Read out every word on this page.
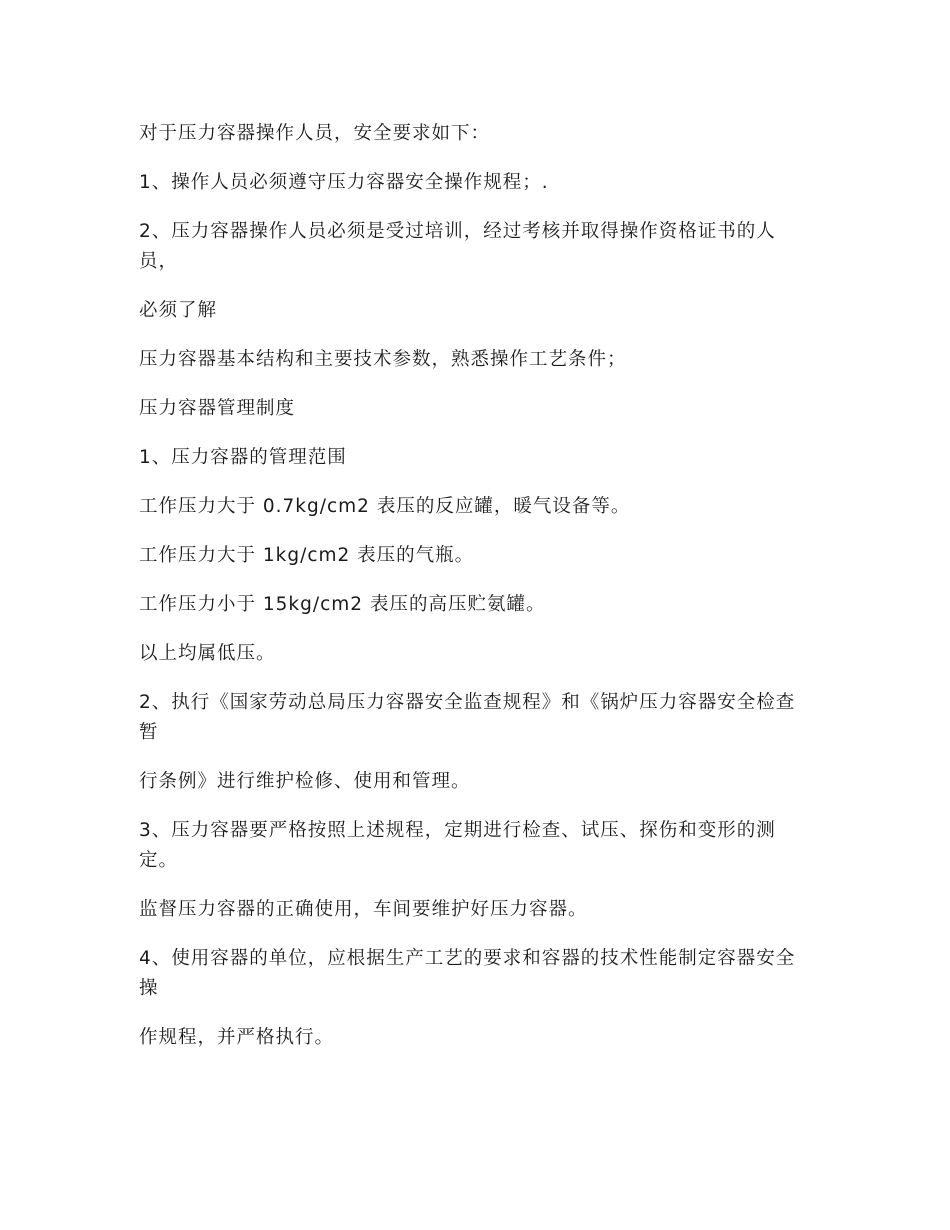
对于压力容器操作人员，安全要求如下：

1、操作人员必须遵守压力容器安全操作规程；.

2、压力容器操作人员必须是受过培训，经过考核并取得操作资格证书的人员，

必须了解

压力容器基本结构和主要技术参数，熟悉操作工艺条件；

压力容器管理制度

1、压力容器的管理范围

工作压力大于 0.7kg/cm2 表压的反应罐，暖气设备等。

工作压力大于 1kg/cm2 表压的气瓶。

工作压力小于 15kg/cm2 表压的高压贮氨罐。

以上均属低压。

2、执行《国家劳动总局压力容器安全监查规程》和《锅炉压力容器安全检查暂

行条例》进行维护检修、使用和管理。

3、压力容器要严格按照上述规程，定期进行检查、试压、探伤和变形的测定。

监督压力容器的正确使用，车间要维护好压力容器。

4、使用容器的单位，应根据生产工艺的要求和容器的技术性能制定容器安全操

作规程，并严格执行。
